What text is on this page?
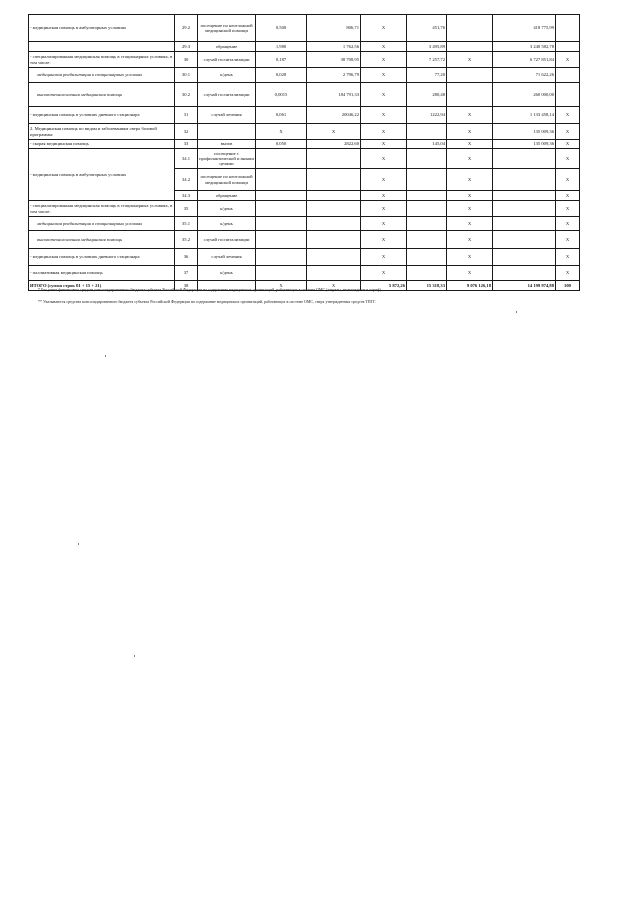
- медицинская помощь в амбулаторных условиях	29.2	посещение по неотложной медицинской помощи	0,500	806,71	X	451,76		418 775,99	
	29.3	обращение	1,980	1 762,56	X	3 495,89		3 240 582,78	
- специализированная медицинская помощь в стационарных условиях, в том числе:	30	случай госпитализации	0,187	38 708,95	X	7 257,72	X	6 727 851,84	X
медицинская реабилитация в стационарных условиях	30.1	к/день	0,028	2 796,79	X	77,20		71 622,26	
высокотехнологичная медицинская помощь	30.2	случай госпитализации	0,0015	184 791,33	X	280,48		260 000,00	
- медицинская помощь в условиях дневного стационара	31	случай лечения	0,061	20046,22	X	1222,94	X	1 133 458,14	X
2. Медицинская помощь по видам и заболеваниям сверх базовой программы:	32		X	X	X		X	135 009,36	X
- скорая медицинская помощь	33	вызов	0,050	2822,60	X	145,04	X	135 009,36	X
- медицинская помощь в амбулаторных условиях	34.1	посещение с профилактической и иными целями			X		X		X
	34.2	посещение по неотложной медицинской помощи			X		X		X
	34.3	обращение			X		X		X
- специализированная медицинская помощь в стационарных условиях, в том числе:	35	к/день			X		X		X
медицинская реабилитация в стационарных условиях	35.1	к/день			X		X		X
высокотехнологичная медицинская помощь	35.2	случай госпитализации			X		X		X
- медицинская помощь в условиях дневного стационара	36	случай лечения			X		X		X
- паллиативная медицинская помощь	37	к/день			X		X		X
ИТОГО (сумма строк 01 + 15 + 21)	38		X	X	5 872,26	15 318,33	9 076 126,18	14 199 974,88	100
* Без учета финансовых средств консолидированного бюджета субъекта Российской Федерации на содержание медицинских организаций, работающих в системе ОМС (затраты, не вошедшие в тариф).
** Указываются средства консолидированного бюджета субъекта Российской Федерации на содержание медицинских организаций, работающих в системе ОМС, сверх утвержденных средств ТПГГ.
